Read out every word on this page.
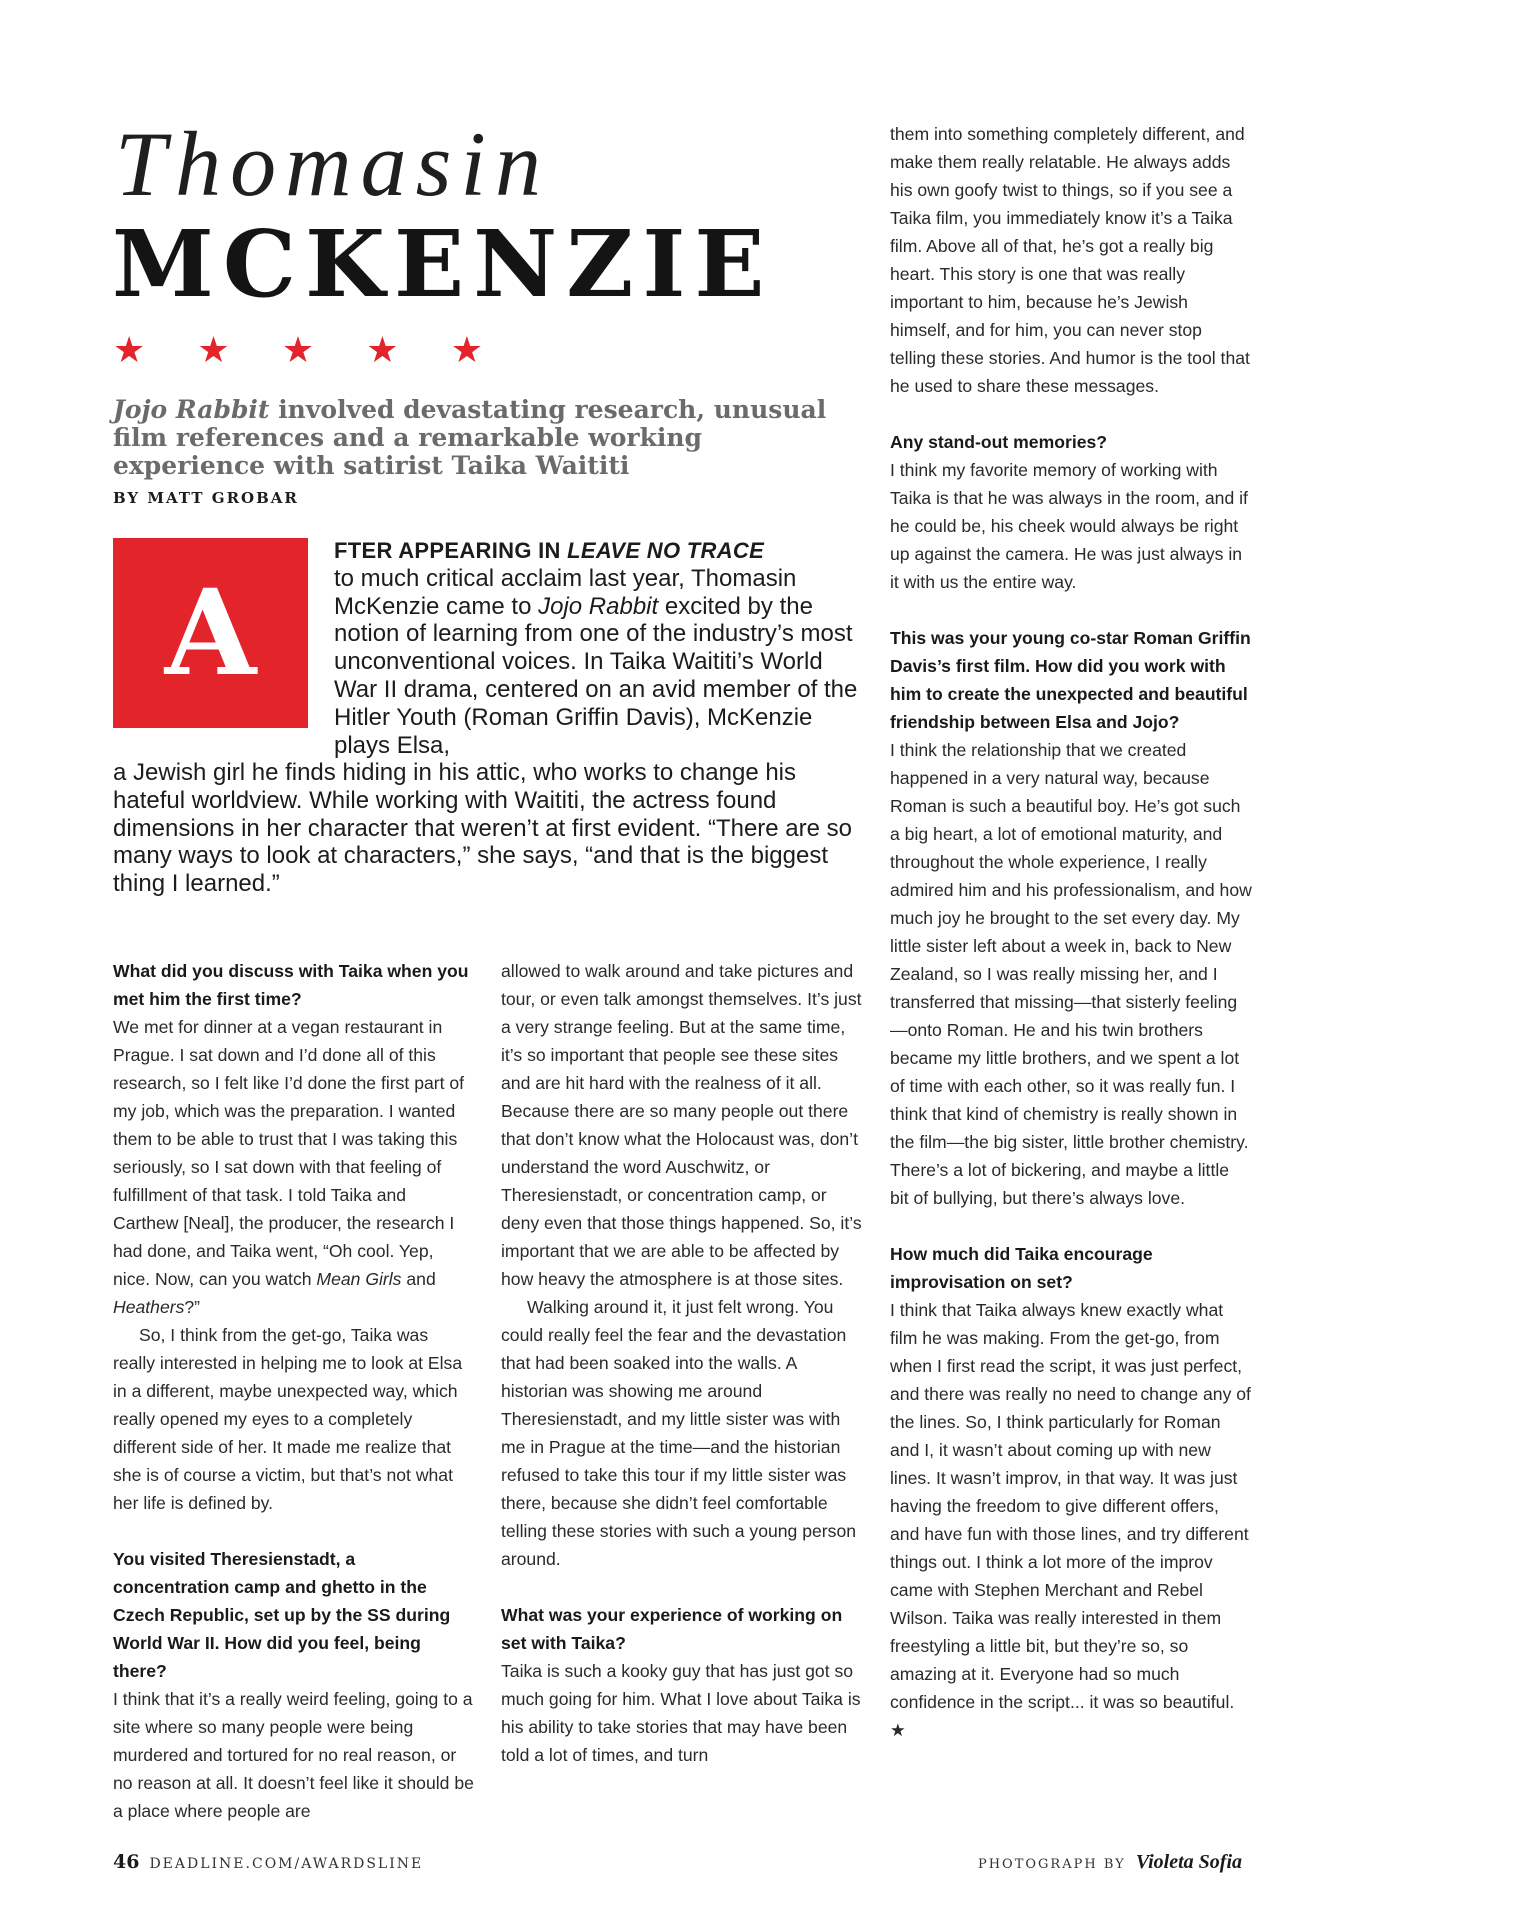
Thomasin
MCKENZIE
★ ★ ★ ★ ★
Jojo Rabbit involved devastating research, unusual film references and a remarkable working experience with satirist Taika Waititi
BY MATT GROBAR
A
FTER APPEARING IN LEAVE NO TRACE
to much critical acclaim last year, Thomasin McKenzie came to Jojo Rabbit excited by the notion of learning from one of the industry’s most unconventional voices. In Taika Waititi’s World War II drama, centered on an avid member of the Hitler Youth (Roman Griffin Davis), McKenzie plays Elsa,
a Jewish girl he finds hiding in his attic, who works to change his hateful worldview. While working with Waititi, the actress found dimensions in her character that weren’t at first evident. “There are so many ways to look at characters,” she says, “and that is the biggest thing I learned.”

What did you discuss with Taika when you met him the first time?

We met for dinner at a vegan restaurant in Prague. I sat down and I’d done all of this research, so I felt like I’d done the first part of my job, which was the preparation. I wanted them to be able to trust that I was taking this seriously, so I sat down with that feeling of fulfillment of that task. I told Taika and Carthew [Neal], the producer, the research I had done, and Taika went, “Oh cool. Yep, nice. Now, can you watch Mean Girls and Heathers?”

So, I think from the get-go, Taika was really interested in helping me to look at Elsa in a different, maybe unexpected way, which really opened my eyes to a completely different side of her. It made me realize that she is of course a victim, but that’s not what her life is defined by.

You visited Theresienstadt, a concentration camp and ghetto in the Czech Republic, set up by the SS during World War II. How did you feel, being there?

I think that it’s a really weird feeling, going to a site where so many people were being murdered and tortured for no real reason, or no reason at all. It doesn’t feel like it should be a place where people are

allowed to walk around and take pictures and tour, or even talk amongst themselves. It’s just a very strange feeling. But at the same time, it’s so important that people see these sites and are hit hard with the realness of it all. Because there are so many people out there that don’t know what the Holocaust was, don’t understand the word Auschwitz, or Theresienstadt, or concentration camp, or deny even that those things happened. So, it’s important that we are able to be affected by how heavy the atmosphere is at those sites.

Walking around it, it just felt wrong. You could really feel the fear and the devastation that had been soaked into the walls. A historian was showing me around Theresienstadt, and my little sister was with me in Prague at the time—and the historian refused to take this tour if my little sister was there, because she didn’t feel comfortable telling these stories with such a young person around.

What was your experience of working on set with Taika?

Taika is such a kooky guy that has just got so much going for him. What I love about Taika is his ability to take stories that may have been told a lot of times, and turn

them into something completely different, and make them really relatable. He always adds his own goofy twist to things, so if you see a Taika film, you immediately know it’s a Taika film. Above all of that, he’s got a really big heart. This story is one that was really important to him, because he’s Jewish himself, and for him, you can never stop telling these stories. And humor is the tool that he used to share these messages.

Any stand-out memories?

I think my favorite memory of working with Taika is that he was always in the room, and if he could be, his cheek would always be right up against the camera. He was just always in it with us the entire way.

This was your young co-star Roman Griffin Davis’s first film. How did you work with him to create the unexpected and beautiful friendship between Elsa and Jojo?

I think the relationship that we created happened in a very natural way, because Roman is such a beautiful boy. He’s got such a big heart, a lot of emotional maturity, and throughout the whole experience, I really admired him and his professionalism, and how much joy he brought to the set every day. My little sister left about a week in, back to New Zealand, so I was really missing her, and I transferred that missing—that sisterly feeling—onto Roman. He and his twin brothers became my little brothers, and we spent a lot of time with each other, so it was really fun. I think that kind of chemistry is really shown in the film—the big sister, little brother chemistry. There’s a lot of bickering, and maybe a little bit of bullying, but there’s always love.

How much did Taika encourage improvisation on set?

I think that Taika always knew exactly what film he was making. From the get-go, from when I first read the script, it was just perfect, and there was really no need to change any of the lines. So, I think particularly for Roman and I, it wasn’t about coming up with new lines. It wasn’t improv, in that way. It was just having the freedom to give different offers, and have fun with those lines, and try different things out. I think a lot more of the improv came with Stephen Merchant and Rebel Wilson. Taika was really interested in them freestyling a little bit, but they’re so, so amazing at it. Everyone had so much confidence in the script... it was so beautiful. ★

46 DEADLINE.COM/AWARDSLINE	PHOTOGRAPH BY Violeta Sofia
